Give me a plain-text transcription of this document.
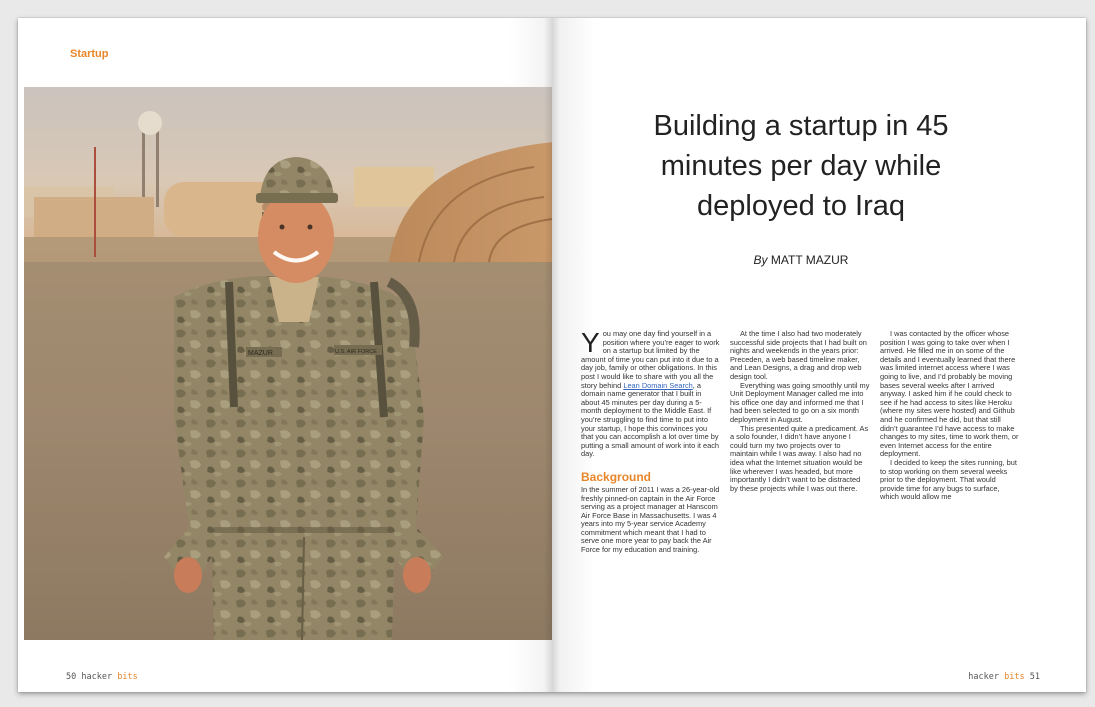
Startup
MAZUR	U.S. AIR FORCE
50 hacker bits
Building a startup in 45
minutes per day while
deployed to Iraq
By MATT MAZUR

You may one day find yourself in a position where you’re eager to work on a startup but limited by the amount of time you can put into it due to a day job, family or other obligations. In this post I would like to share with you all the story behind Lean Domain Search, a domain name generator that I built in about 45 minutes per day during a 5-month deployment to the Middle East. If you’re struggling to find time to put into your startup, I hope this convinces you that you can accomplish a lot over time by putting a small amount of work into it each day.

Background

In the summer of 2011 I was a 26-year-old freshly pinned-on captain in the Air Force serving as a project manager at Hanscom Air Force Base in Massachusetts. I was 4 years into my 5-year service Academy commitment which meant that I had to serve one more year to pay back the Air Force for my education and training.

At the time I also had two moderately successful side projects that I had built on nights and weekends in the years prior: Preceden, a web based timeline maker, and Lean Designs, a drag and drop web design tool.

Everything was going smoothly until my Unit Deployment Manager called me into his office one day and informed me that I had been selected to go on a six month deployment in August.

This presented quite a predicament. As a solo founder, I didn’t have anyone I could turn my two projects over to maintain while I was away. I also had no idea what the Internet situation would be like wherever I was headed, but more importantly I didn’t want to be distracted by these projects while I was out there.

I was contacted by the officer whose position I was going to take over when I arrived. He filled me in on some of the details and I eventually learned that there was limited internet access where I was going to live, and I’d probably be moving bases several weeks after I arrived anyway. I asked him if he could check to see if he had access to sites like Heroku (where my sites were hosted) and Github and he confirmed he did, but that still didn’t guarantee I’d have access to make changes to my sites, time to work them, or even Internet access for the entire deployment.

I decided to keep the sites running, but to stop working on them several weeks prior to the deployment. That would provide time for any bugs to surface, which would allow me

hacker bits 51
